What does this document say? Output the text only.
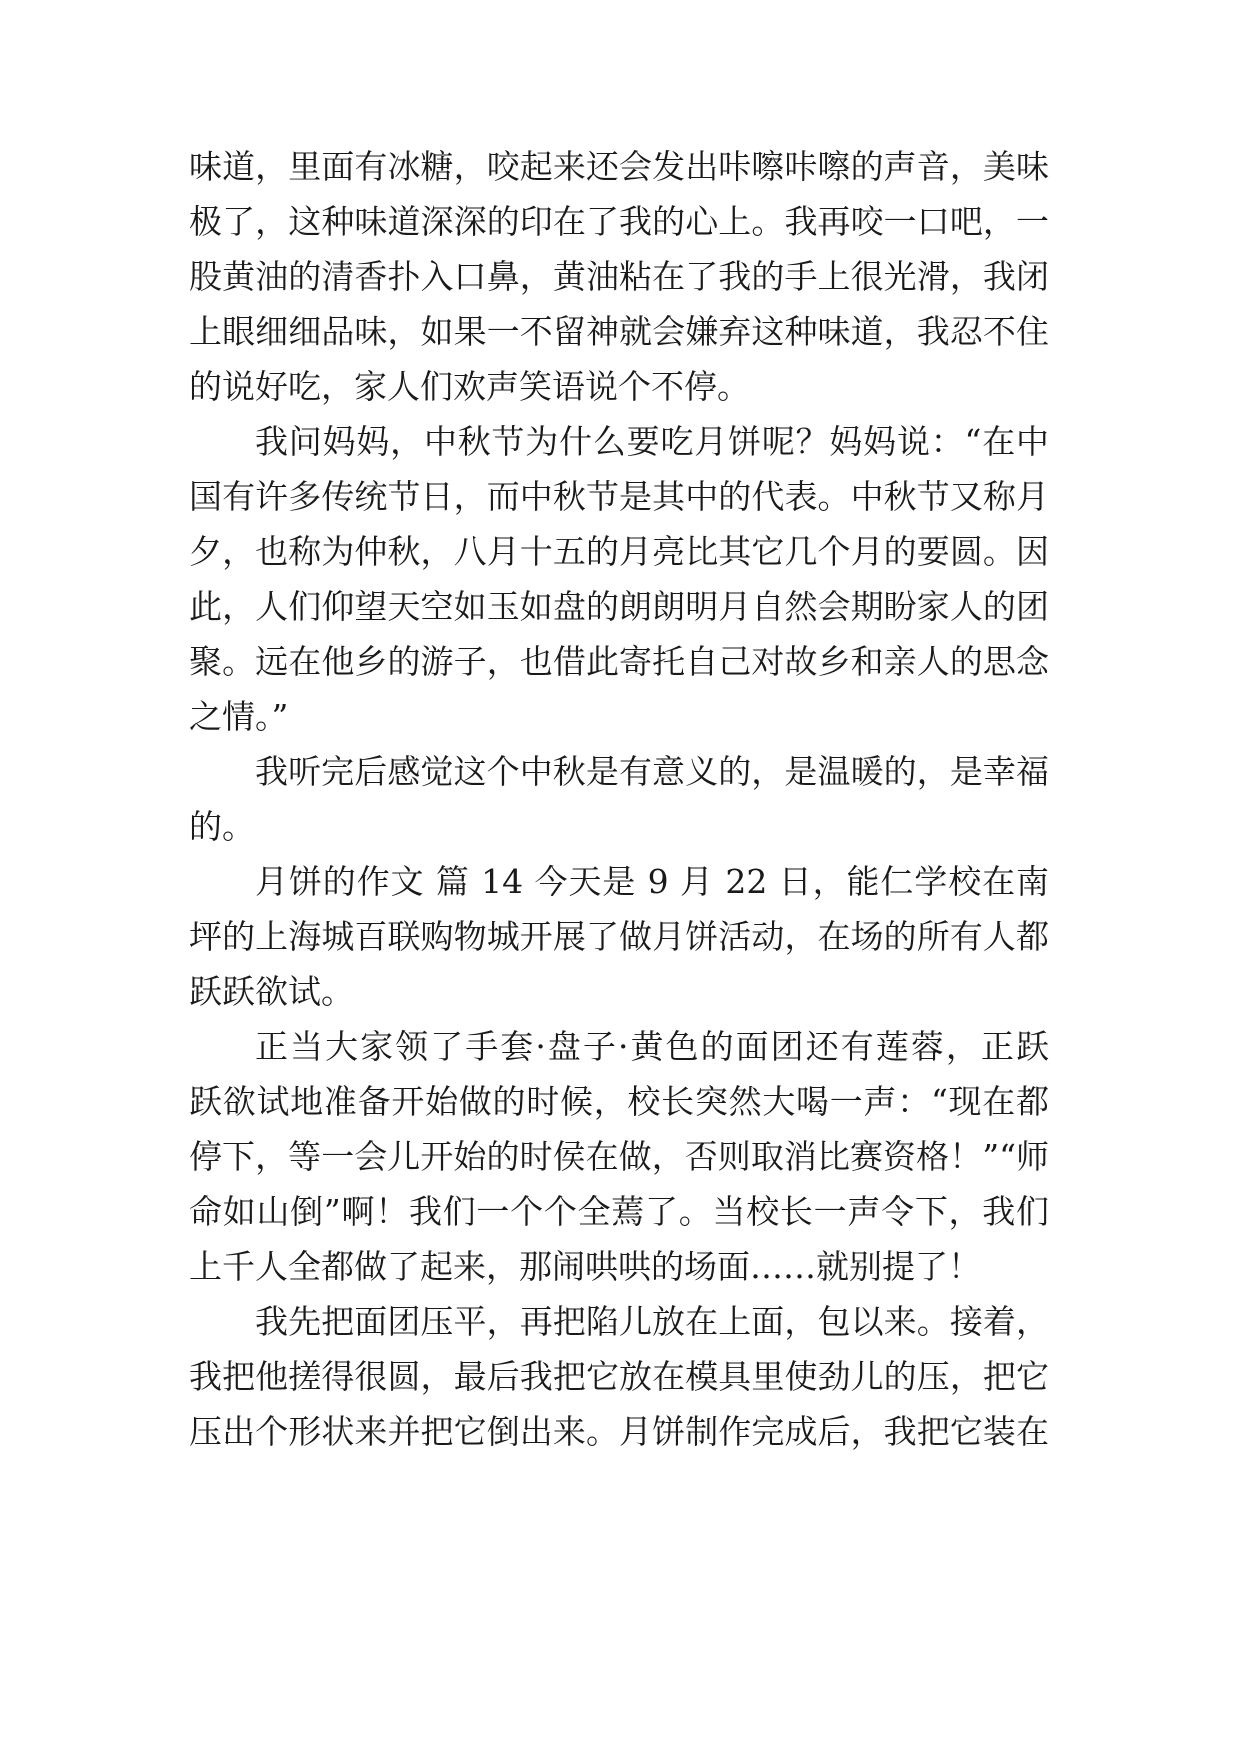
味道，里面有冰糖，咬起来还会发出咔嚓咔嚓的声音，美味
极了，这种味道深深的印在了我的心上。我再咬一口吧，一
股黄油的清香扑入口鼻，黄油粘在了我的手上很光滑，我闭
上眼细细品味，如果一不留神就会嫌弃这种味道，我忍不住
的说好吃，家人们欢声笑语说个不停。
我问妈妈，中秋节为什么要吃月饼呢？妈妈说：“在中
国有许多传统节日，而中秋节是其中的代表。中秋节又称月
夕，也称为仲秋，八月十五的月亮比其它几个月的要圆。因
此，人们仰望天空如玉如盘的朗朗明月自然会期盼家人的团
聚。远在他乡的游子，也借此寄托自己对故乡和亲人的思念
之情。”
我听完后感觉这个中秋是有意义的，是温暖的，是幸福
的。
月饼的作文 篇 14 今天是 9 月 22 日，能仁学校在南
坪的上海城百联购物城开展了做月饼活动，在场的所有人都
跃跃欲试。
正当大家领了手套·盘子·黄色的面团还有莲蓉，正跃
跃欲试地准备开始做的时候，校长突然大喝一声：“现在都
停下，等一会儿开始的时侯在做，否则取消比赛资格！”“师
命如山倒”啊！我们一个个全蔫了。当校长一声令下，我们
上千人全都做了起来，那闹哄哄的场面……就别提了！
我先把面团压平，再把陷儿放在上面，包以来。接着，
我把他搓得很圆，最后我把它放在模具里使劲儿的压，把它
压出个形状来并把它倒出来。月饼制作完成后，我把它装在
